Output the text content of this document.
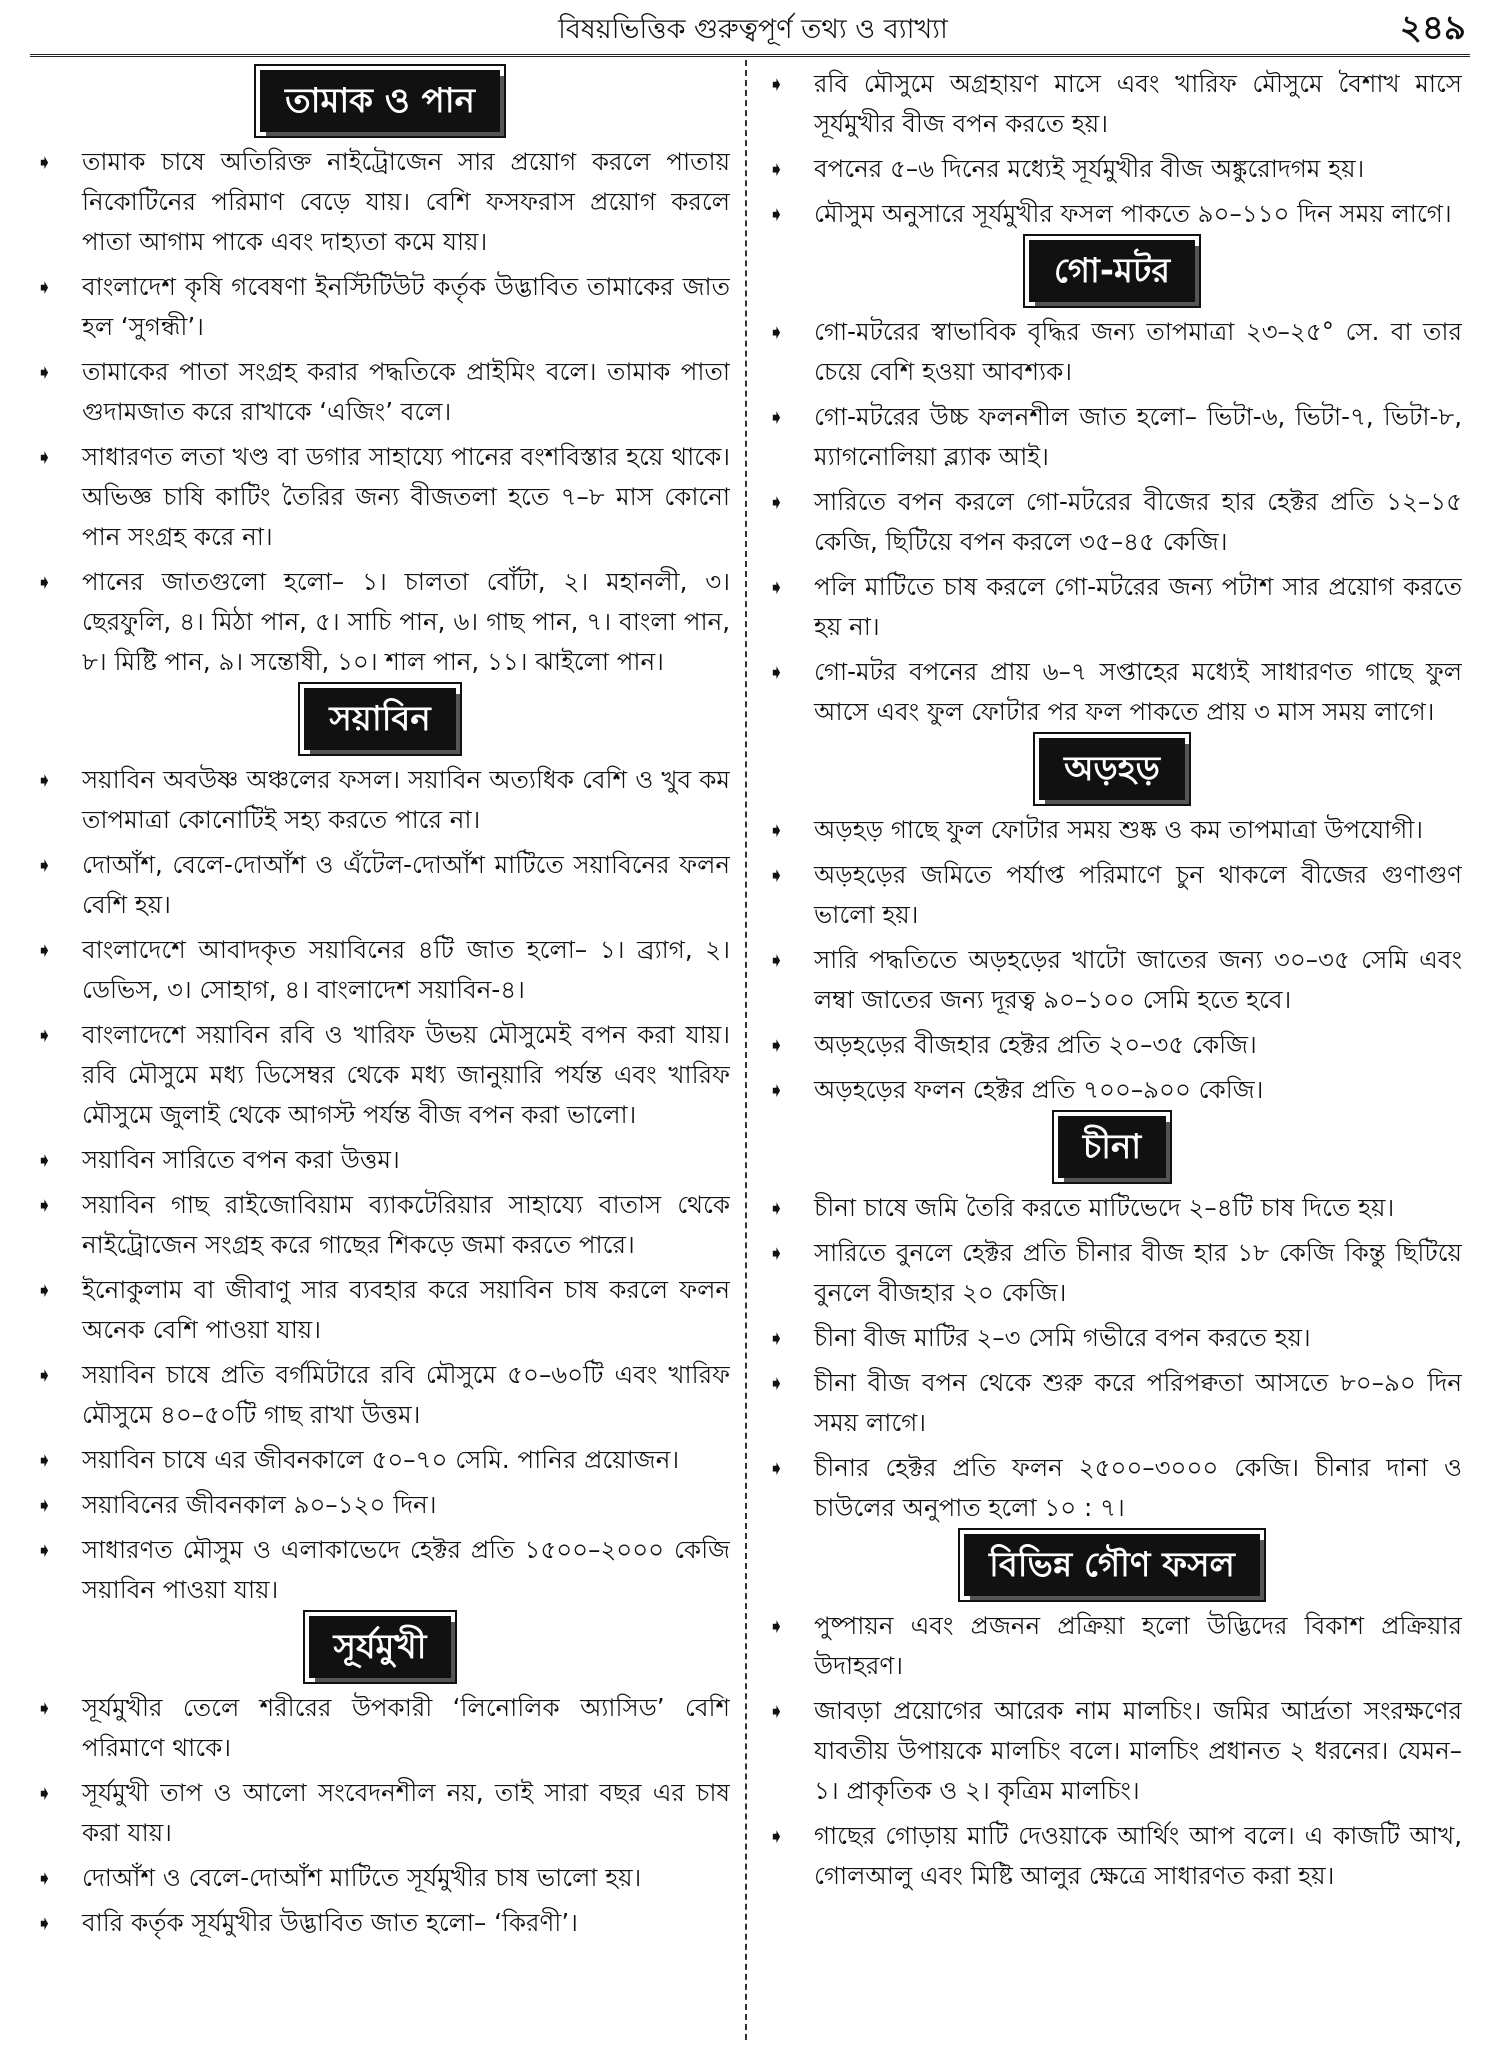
বিষয়ভিত্তিক গুরুত্বপূর্ণ তথ্য ও ব্যাখ্যা	২৪৯
তামাক ও পান
➧ তামাক চাষে অতিরিক্ত নাইট্রোজেন সার প্রয়োগ করলে পাতায় নিকোটিনের পরিমাণ বেড়ে যায়। বেশি ফসফরাস প্রয়োগ করলে পাতা আগাম পাকে এবং দাহ্যতা কমে যায়।
➧ বাংলাদেশ কৃষি গবেষণা ইনস্টিটিউট কর্তৃক উদ্ভাবিত তামাকের জাত হল ‘সুগন্ধী’।
➧ তামাকের পাতা সংগ্রহ করার পদ্ধতিকে প্রাইমিং বলে। তামাক পাতা গুদামজাত করে রাখাকে ‘এজিং’ বলে।
➧ সাধারণত লতা খণ্ড বা ডগার সাহায্যে পানের বংশবিস্তার হয়ে থাকে। অভিজ্ঞ চাষি কাটিং তৈরির জন্য বীজতলা হতে ৭–৮ মাস কোনো পান সংগ্রহ করে না।
➧ পানের জাতগুলো হলো– ১। চালতা বোঁটা, ২। মহানলী, ৩। ছেরফুলি, ৪। মিঠা পান, ৫। সাচি পান, ৬। গাছ পান, ৭। বাংলা পান, ৮। মিষ্টি পান, ৯। সন্তোষী, ১০। শাল পান, ১১। ঝাইলো পান।
সয়াবিন
➧ সয়াবিন অবউষ্ণ অঞ্চলের ফসল। সয়াবিন অত্যধিক বেশি ও খুব কম তাপমাত্রা কোনোটিই সহ্য করতে পারে না।
➧ দোআঁশ, বেলে-দোআঁশ ও এঁটেল-দোআঁশ মাটিতে সয়াবিনের ফলন বেশি হয়।
➧ বাংলাদেশে আবাদকৃত সয়াবিনের ৪টি জাত হলো– ১। ব্র্যাগ, ২। ডেভিস, ৩। সোহাগ, ৪। বাংলাদেশ সয়াবিন-৪।
➧ বাংলাদেশে সয়াবিন রবি ও খারিফ উভয় মৌসুমেই বপন করা যায়। রবি মৌসুমে মধ্য ডিসেম্বর থেকে মধ্য জানুয়ারি পর্যন্ত এবং খারিফ মৌসুমে জুলাই থেকে আগস্ট পর্যন্ত বীজ বপন করা ভালো।
➧ সয়াবিন সারিতে বপন করা উত্তম।
➧ সয়াবিন গাছ রাইজোবিয়াম ব্যাকটেরিয়ার সাহায্যে বাতাস থেকে নাইট্রোজেন সংগ্রহ করে গাছের শিকড়ে জমা করতে পারে।
➧ ইনোকুলাম বা জীবাণু সার ব্যবহার করে সয়াবিন চাষ করলে ফলন অনেক বেশি পাওয়া যায়।
➧ সয়াবিন চাষে প্রতি বর্গমিটারে রবি মৌসুমে ৫০–৬০টি এবং খারিফ মৌসুমে ৪০–৫০টি গাছ রাখা উত্তম।
➧ সয়াবিন চাষে এর জীবনকালে ৫০–৭০ সেমি. পানির প্রয়োজন।
➧ সয়াবিনের জীবনকাল ৯০–১২০ দিন।
➧ সাধারণত মৌসুম ও এলাকাভেদে হেক্টর প্রতি ১৫০০–২০০০ কেজি সয়াবিন পাওয়া যায়।
সূর্যমুখী
➧ সূর্যমুখীর তেলে শরীরের উপকারী ‘লিনোলিক অ্যাসিড’ বেশি পরিমাণে থাকে।
➧ সূর্যমুখী তাপ ও আলো সংবেদনশীল নয়, তাই সারা বছর এর চাষ করা যায়।
➧ দোআঁশ ও বেলে-দোআঁশ মাটিতে সূর্যমুখীর চাষ ভালো হয়।
➧ বারি কর্তৃক সূর্যমুখীর উদ্ভাবিত জাত হলো– ‘কিরণী’।
➧ রবি মৌসুমে অগ্রহায়ণ মাসে এবং খারিফ মৌসুমে বৈশাখ মাসে সূর্যমুখীর বীজ বপন করতে হয়।
➧ বপনের ৫–৬ দিনের মধ্যেই সূর্যমুখীর বীজ অঙ্কুরোদগম হয়।
➧ মৌসুম অনুসারে সূর্যমুখীর ফসল পাকতে ৯০–১১০ দিন সময় লাগে।
গো-মটর
➧ গো-মটরের স্বাভাবিক বৃদ্ধির জন্য তাপমাত্রা ২৩–২৫° সে. বা তার চেয়ে বেশি হওয়া আবশ্যক।
➧ গো-মটরের উচ্চ ফলনশীল জাত হলো– ভিটা-৬, ভিটা-৭, ভিটা-৮, ম্যাগনোলিয়া ব্ল্যাক আই।
➧ সারিতে বপন করলে গো-মটরের বীজের হার হেক্টর প্রতি ১২–১৫ কেজি, ছিটিয়ে বপন করলে ৩৫–৪৫ কেজি।
➧ পলি মাটিতে চাষ করলে গো-মটরের জন্য পটাশ সার প্রয়োগ করতে হয় না।
➧ গো-মটর বপনের প্রায় ৬–৭ সপ্তাহের মধ্যেই সাধারণত গাছে ফুল আসে এবং ফুল ফোটার পর ফল পাকতে প্রায় ৩ মাস সময় লাগে।
অড়হড়
➧ অড়হড় গাছে ফুল ফোটার সময় শুষ্ক ও কম তাপমাত্রা উপযোগী।
➧ অড়হড়ের জমিতে পর্যাপ্ত পরিমাণে চুন থাকলে বীজের গুণাগুণ ভালো হয়।
➧ সারি পদ্ধতিতে অড়হড়ের খাটো জাতের জন্য ৩০–৩৫ সেমি এবং লম্বা জাতের জন্য দূরত্ব ৯০–১০০ সেমি হতে হবে।
➧ অড়হড়ের বীজহার হেক্টর প্রতি ২০–৩৫ কেজি।
➧ অড়হড়ের ফলন হেক্টর প্রতি ৭০০–৯০০ কেজি।
চীনা
➧ চীনা চাষে জমি তৈরি করতে মাটিভেদে ২–৪টি চাষ দিতে হয়।
➧ সারিতে বুনলে হেক্টর প্রতি চীনার বীজ হার ১৮ কেজি কিন্তু ছিটিয়ে বুনলে বীজহার ২০ কেজি।
➧ চীনা বীজ মাটির ২–৩ সেমি গভীরে বপন করতে হয়।
➧ চীনা বীজ বপন থেকে শুরু করে পরিপক্বতা আসতে ৮০–৯০ দিন সময় লাগে।
➧ চীনার হেক্টর প্রতি ফলন ২৫০০–৩০০০ কেজি। চীনার দানা ও চাউলের অনুপাত হলো ১০ : ৭।
বিভিন্ন গৌণ ফসল
➧ পুষ্পায়ন এবং প্রজনন প্রক্রিয়া হলো উদ্ভিদের বিকাশ প্রক্রিয়ার উদাহরণ।
➧ জাবড়া প্রয়োগের আরেক নাম মালচিং। জমির আর্দ্রতা সংরক্ষণের যাবতীয় উপায়কে মালচিং বলে। মালচিং প্রধানত ২ ধরনের। যেমন– ১। প্রাকৃতিক ও ২। কৃত্রিম মালচিং।
➧ গাছের গোড়ায় মাটি দেওয়াকে আর্থিং আপ বলে। এ কাজটি আখ, গোলআলু এবং মিষ্টি আলুর ক্ষেত্রে সাধারণত করা হয়।
